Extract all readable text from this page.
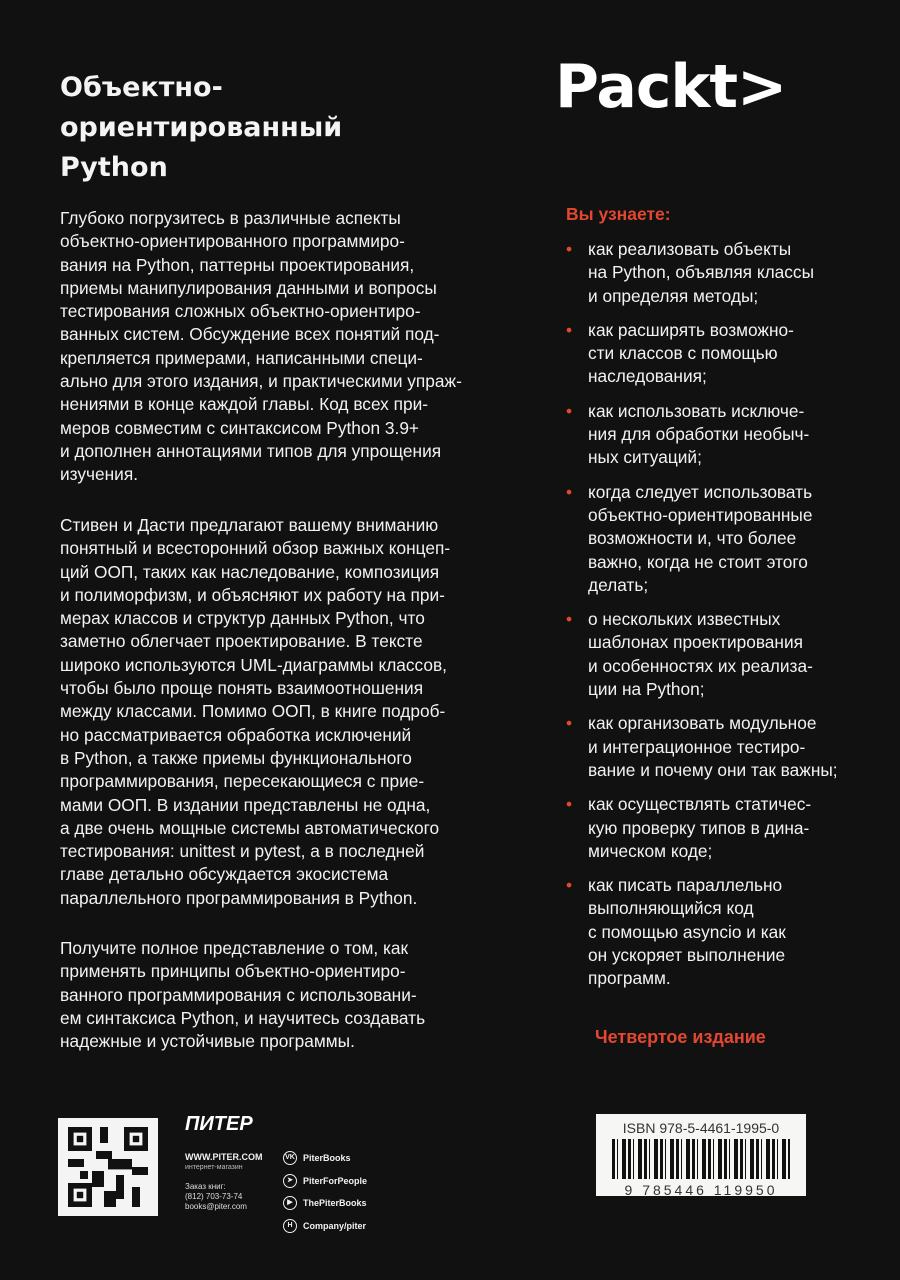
Объектно-
ориентированный
Python
Packt>
Глубоко погрузитесь в различные аспекты
объектно-ориентированного программиро-
вания на Python, паттерны проектирования,
приемы манипулирования данными и вопросы
тестирования сложных объектно-ориентиро-
ванных систем. Обсуждение всех понятий под-
крепляется примерами, написанными специ-
ально для этого издания, и практическими упраж-
нениями в конце каждой главы. Код всех при-
меров совместим с синтаксисом Python 3.9+
и дополнен аннотациями типов для упрощения
изучения.
Стивен и Дасти предлагают вашему вниманию
понятный и всесторонний обзор важных концеп-
ций ООП, таких как наследование, композиция
и полиморфизм, и объясняют их работу на при-
мерах классов и структур данных Python, что
заметно облегчает проектирование. В тексте
широко используются UML-диаграммы классов,
чтобы было проще понять взаимоотношения
между классами. Помимо ООП, в книге подроб-
но рассматривается обработка исключений
в Python, а также приемы функционального
программирования, пересекающиеся с прие-
мами ООП. В издании представлены не одна,
а две очень мощные системы автоматического
тестирования: unittest и pytest, а в последней
главе детально обсуждается экосистема
параллельного программирования в Python.
Получите полное представление о том, как
применять принципы объектно-ориентиро-
ванного программирования с использовани-
ем синтаксиса Python, и научитесь создавать
надежные и устойчивые программы.
Вы узнаете:
• как реализовать объекты
на Python, объявляя классы
и определяя методы;
• как расширять возможно-
сти классов с помощью
наследования;
• как использовать исключе-
ния для обработки необыч-
ных ситуаций;
• когда следует использовать
объектно-ориентированные
возможности и, что более
важно, когда не стоит этого
делать;
• о нескольких известных
шаблонах проектирования
и особенностях их реализа-
ции на Python;
• как организовать модульное
и интеграционное тестиро-
вание и почему они так важны;
• как осуществлять статичес-
кую проверку типов в дина-
мическом коде;
• как писать параллельно
выполняющийся код
с помощью asyncio и как
он ускоряет выполнение
программ.
Четвертое издание
ПИТЕР
WWW.PITER.COM
интернет-магазин
Заказ книг:
(812) 703-73-74
books@piter.com
VK PiterBooks
➤	PiterForPeople
▶	ThePiterBooks
H	Company/piter
ISBN 978-5-4461-1995-0
9 785446 119950
